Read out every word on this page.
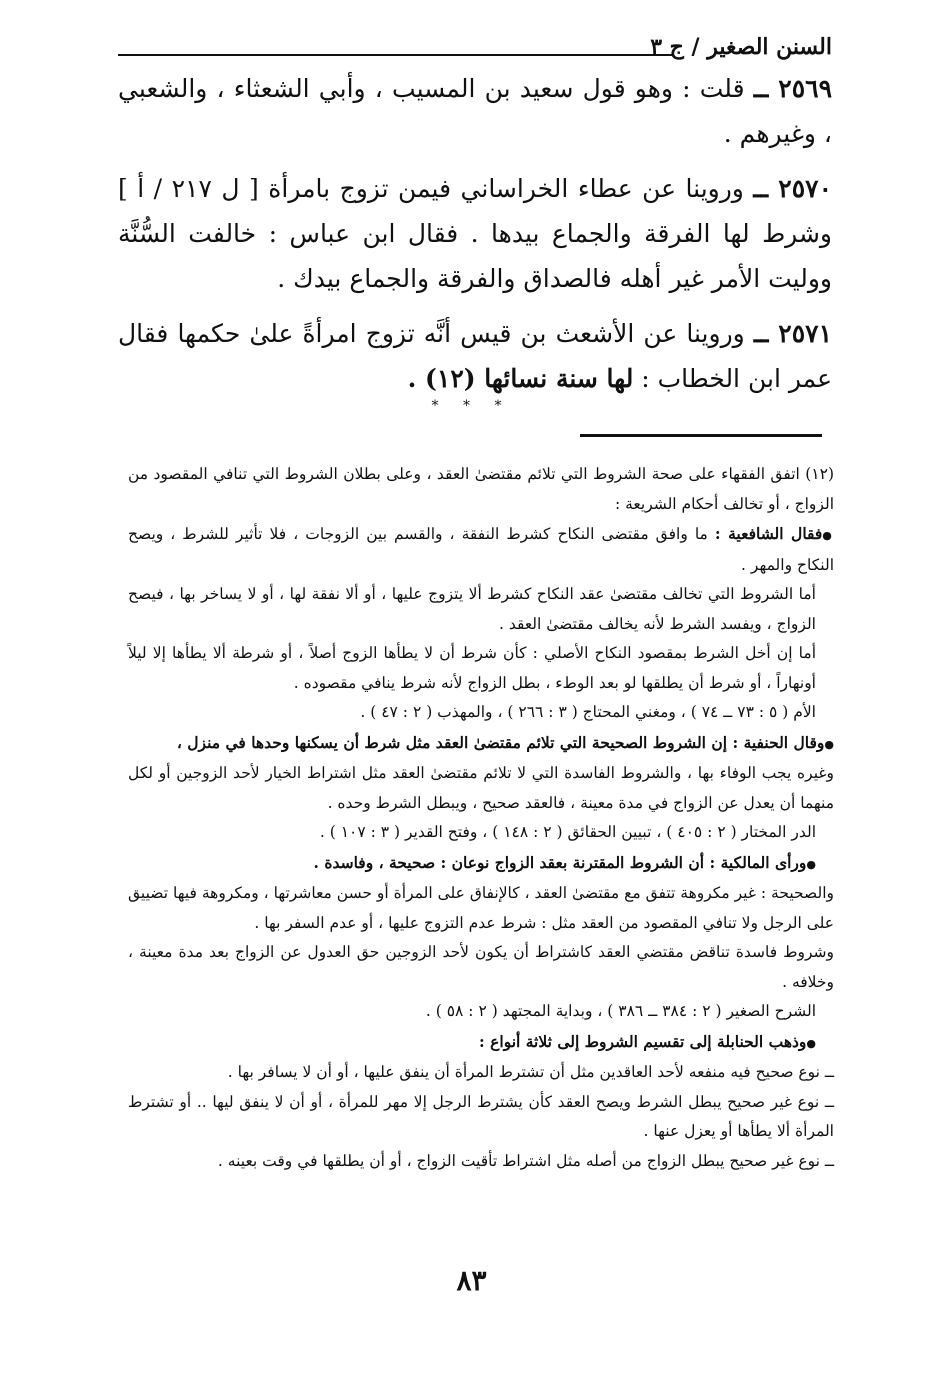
السنن الصغير / ج ٣

٢٥٦٩ ــ قلت : وهو قول سعيد بن المسيب ، وأبي الشعثاء ، والشعبي ، وغيرهم .

٢٥٧٠ ــ وروينا عن عطاء الخراساني فيمن تزوج بامرأة [ ل ٢١٧ / أ ] وشرط لها الفرقة والجماع بيدها . فقال ابن عباس : خالفت السُّنَّة ووليت الأمر غير أهله فالصداق والفرقة والجماع بيدك .

٢٥٧١ ــ وروينا عن الأشعث بن قيس أنَّه تزوج امرأةً علىٰ حكمها فقال عمر ابن الخطاب : لها سنة نسائها (١٢) .

* * *

(١٢) اتفق الفقهاء على صحة الشروط التي تلائم مقتضىٰ العقد ، وعلى بطلان الشروط التي تنافي المقصود من الزواج ، أو تخالف أحكام الشريعة :

● فقال الشافعية : ما وافق مقتضى النكاح كشرط النفقة ، والقسم بين الزوجات ، فلا تأثير للشرط ، ويصح النكاح والمهر .

أما الشروط التي تخالف مقتضىٰ عقد النكاح كشرط ألا يتزوج عليها ، أو ألا نفقة لها ، أو لا يساخر بها ، فيصح الزواج ، ويفسد الشرط لأنه يخالف مقتضىٰ العقد .

أما إن أخل الشرط بمقصود النكاح الأصلي : كأن شرط أن لا يطأها الزوج أصلاً ، أو شرطة ألا يطأها إلا ليلاً أونهاراً ، أو شرط أن يطلقها لو بعد الوطء ، بطل الزواج لأنه شرط ينافي مقصوده .

الأم ( ٥ : ٧٣ ــ ٧٤ ) ، ومغني المحتاج ( ٣ : ٢٦٦ ) ، والمهذب ( ٢ : ٤٧ ) .

● وقال الحنفية : إن الشروط الصحيحة التي تلائم مقتضىٰ العقد مثل شرط أن يسكنها وحدها في منزل ،

وغيره يجب الوفاء بها ، والشروط الفاسدة التي لا تلائم مقتضىٰ العقد مثل اشتراط الخيار لأحد الزوجين أو لكل منهما أن يعدل عن الزواج في مدة معينة ، فالعقد صحيح ، ويبطل الشرط وحده .

الدر المختار ( ٢ : ٤٠٥ ) ، تبيين الحقائق ( ٢ : ١٤٨ ) ، وفتح القدير ( ٣ : ١٠٧ ) .

● ورأى المالكية : أن الشروط المقترنة بعقد الزواج نوعان : صحيحة ، وفاسدة .

والصحيحة : غير مكروهة تتفق مع مقتضىٰ العقد ، كالإنفاق على المرأة أو حسن معاشرتها ، ومكروهة فيها تضييق على الرجل ولا تنافي المقصود من العقد مثل : شرط عدم التزوج عليها ، أو عدم السفر بها .

وشروط فاسدة تناقض مقتضي العقد كاشتراط أن يكون لأحد الزوجين حق العدول عن الزواج بعد مدة معينة ، وخلافه .

الشرح الصغير ( ٢ : ٣٨٤ ــ ٣٨٦ ) ، وبداية المجتهد ( ٢ : ٥٨ ) .

● وذهب الحنابلة إلى تقسيم الشروط إلى ثلاثة أنواع :

ــ نوع صحيح فيه منفعه لأحد العاقدين مثل أن تشترط المرأة أن ينفق عليها ، أو أن لا يسافر بها .

ــ نوع غير صحيح يبطل الشرط ويصح العقد كأن يشترط الرجل إلا مهر للمرأة ، أو أن لا ينفق ليها .. أو تشترط المرأة ألا يطأها أو يعزل عنها .

ــ نوع غير صحيح يبطل الزواج من أصله مثل اشتراط تأقيت الزواج ، أو أن يطلقها في وقت بعينه .

٨٣
